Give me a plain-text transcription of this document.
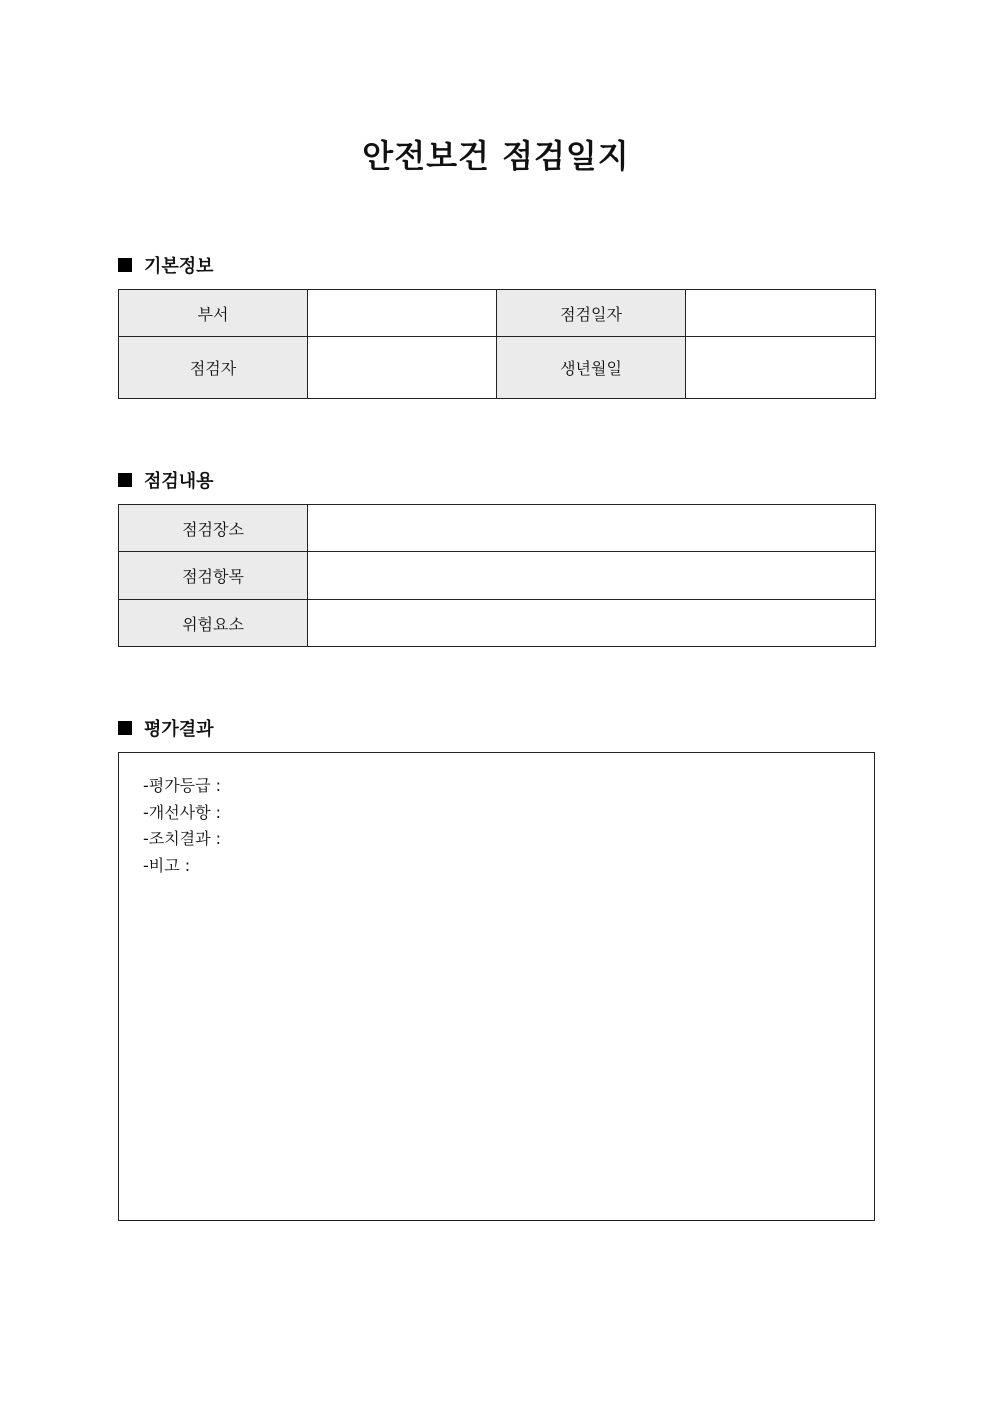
안전보건 점검일지
기본정보
부서		점검일자	
점검자		생년월일	
점검내용
점검장소	
점검항목	
위험요소	
평가결과
-평가등급 :
-개선사항 :
-조치결과 :
-비고 :
